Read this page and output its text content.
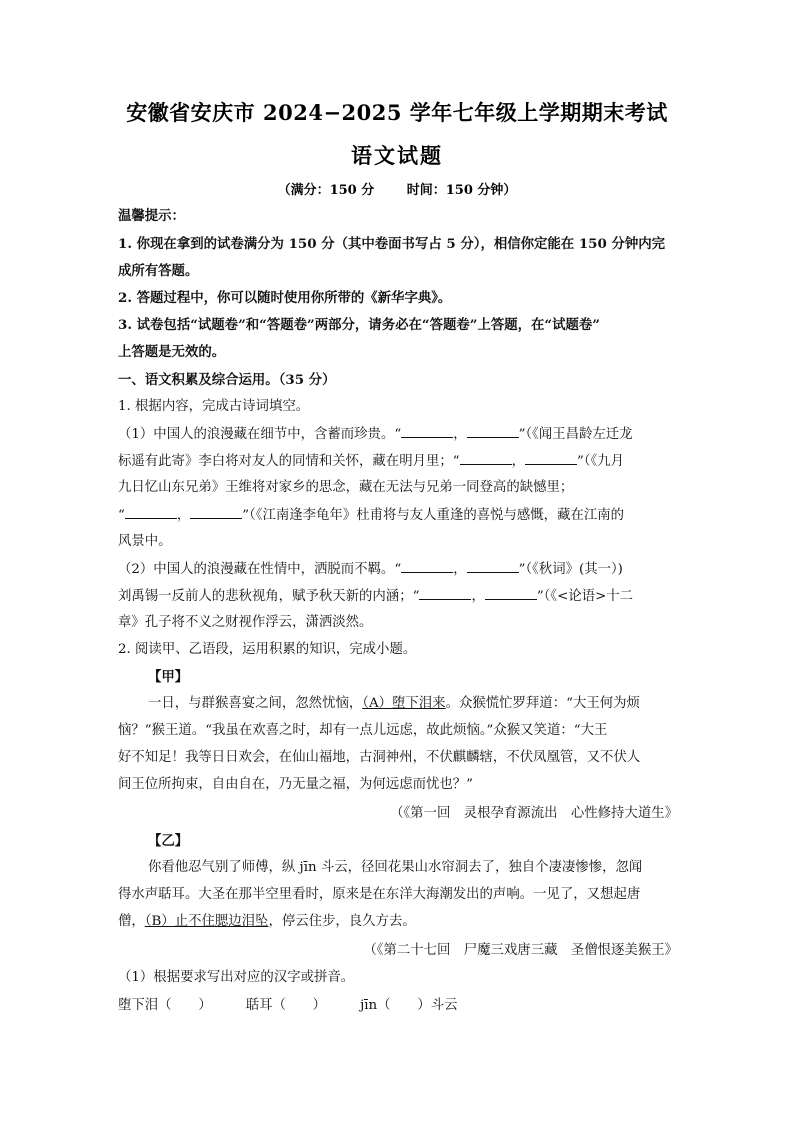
安徽省安庆市 2024−2025 学年七年级上学期期末考试
语文试题
（满分：150 分	时间：150 分钟）
温馨提示：
1. 你现在拿到的试卷满分为 150 分（其中卷面书写占 5 分），相信你定能在 150 分钟内完
成所有答题。
2. 答题过程中，你可以随时使用你所带的《新华字典》。
3. 试卷包括“试题卷”和“答题卷”两部分，请务必在“答题卷”上答题，在“试题卷”
上答题是无效的。
一、语文积累及综合运用。（35 分）
1. 根据内容，完成古诗词填空。
（1）中国人的浪漫藏在细节中，含蓄而珍贵。“	，	”（《闻王昌龄左迁龙
标遥有此寄》李白将对友人的同情和关怀，藏在明月里；“	，	”（《九月
九日忆山东兄弟》王维将对家乡的思念，藏在无法与兄弟一同登高的缺憾里；
“	，	”（《江南逢李龟年》杜甫将与友人重逢的喜悦与感慨，藏在江南的
风景中。
（2）中国人的浪漫藏在性情中，洒脱而不羁。“	，	”（《秋词》(其一）)
刘禹锡一反前人的悲秋视角，赋予秋天新的内涵；“	，	”（《<论语>十二
章》孔子将不义之财视作浮云，潇洒淡然。
2. 阅读甲、乙语段，运用积累的知识，完成小题。
【甲】
一日，与群猴喜宴之间，忽然忧恼，（A）堕下泪来。众猴慌忙罗拜道：“大王何为烦
恼？”猴王道。“我虽在欢喜之时，却有一点儿远虑，故此烦恼。”众猴又笑道：“大王
好不知足！我等日日欢会，在仙山福地，古洞神州，不伏麒麟辖，不伏凤凰管，又不伏人
间王位所拘束，自由自在，乃无量之福，为何远虑而忧也？”
（《第一回　灵根孕育源流出　心性修持大道生》
【乙】
你看他忍气别了师傅，纵 jīn 斗云，径回花果山水帘洞去了，独自个凄凄惨惨，忽闻
得水声聒耳。大圣在那半空里看时，原来是在东洋大海潮发出的声响。一见了，又想起唐
僧，（B）止不住腮边泪坠，停云住步，良久方去。
（《第二十七回　尸魔三戏唐三藏　圣僧恨逐美猴王》
（1）根据要求写出对应的汉字或拼音。
堕下泪（　　）	聒耳（　　）	jīn（　　）斗云
